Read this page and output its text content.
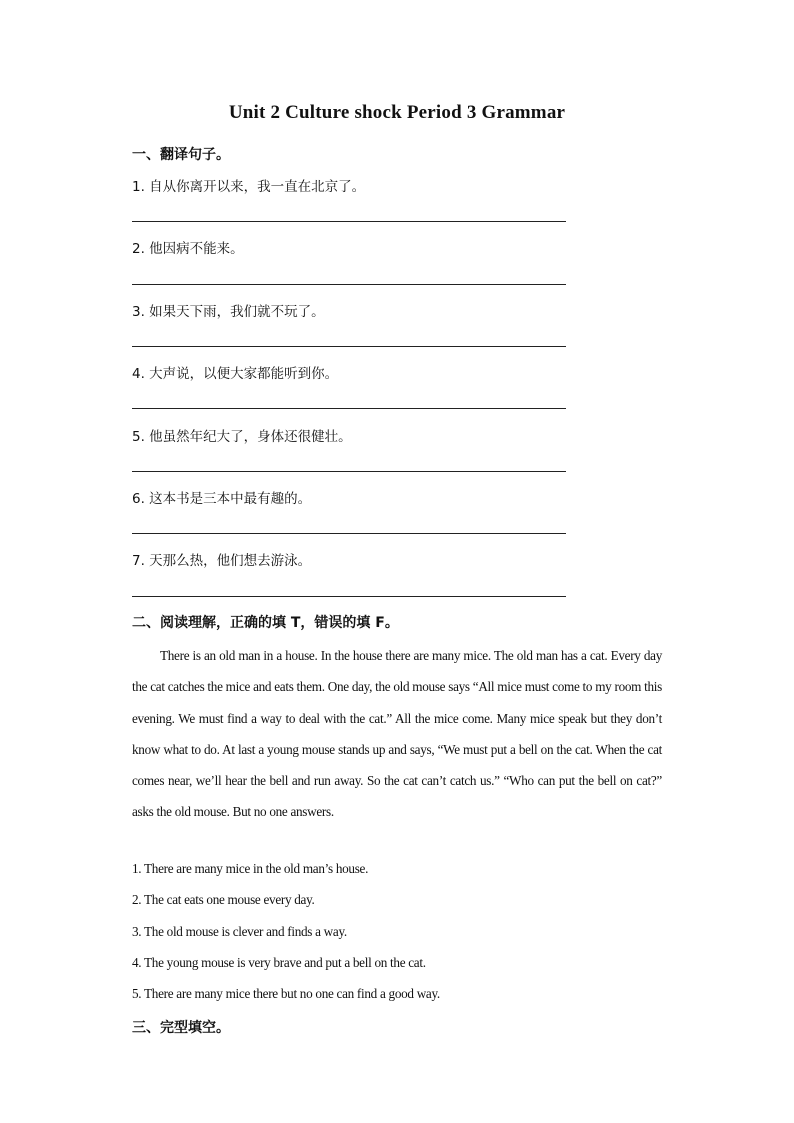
Unit 2 Culture shock Period 3 Grammar
一、翻译句子。
1. 自从你离开以来，我一直在北京了。
2. 他因病不能来。
3. 如果天下雨，我们就不玩了。
4. 大声说，以便大家都能听到你。
5. 他虽然年纪大了，身体还很健壮。
6. 这本书是三本中最有趣的。
7. 天那么热，他们想去游泳。
二、阅读理解，正确的填 T，错误的填 F。
There is an old man in a house. In the house there are many mice. The old man has a cat. Every day the cat catches the mice and eats them. One day, the old mouse says “All mice must come to my room this evening. We must find a way to deal with the cat.” All the mice come. Many mice speak but they don’t know what to do. At last a young mouse stands up and says, “We must put a bell on the cat. When the cat comes near, we’ll hear the bell and run away. So the cat can’t catch us.” “Who can put the bell on cat?” asks the old mouse. But no one answers.
1. There are many mice in the old man’s house.
2. The cat eats one mouse every day.
3. The old mouse is clever and finds a way.
4. The young mouse is very brave and put a bell on the cat.
5. There are many mice there but no one can find a good way.
三、完型填空。
